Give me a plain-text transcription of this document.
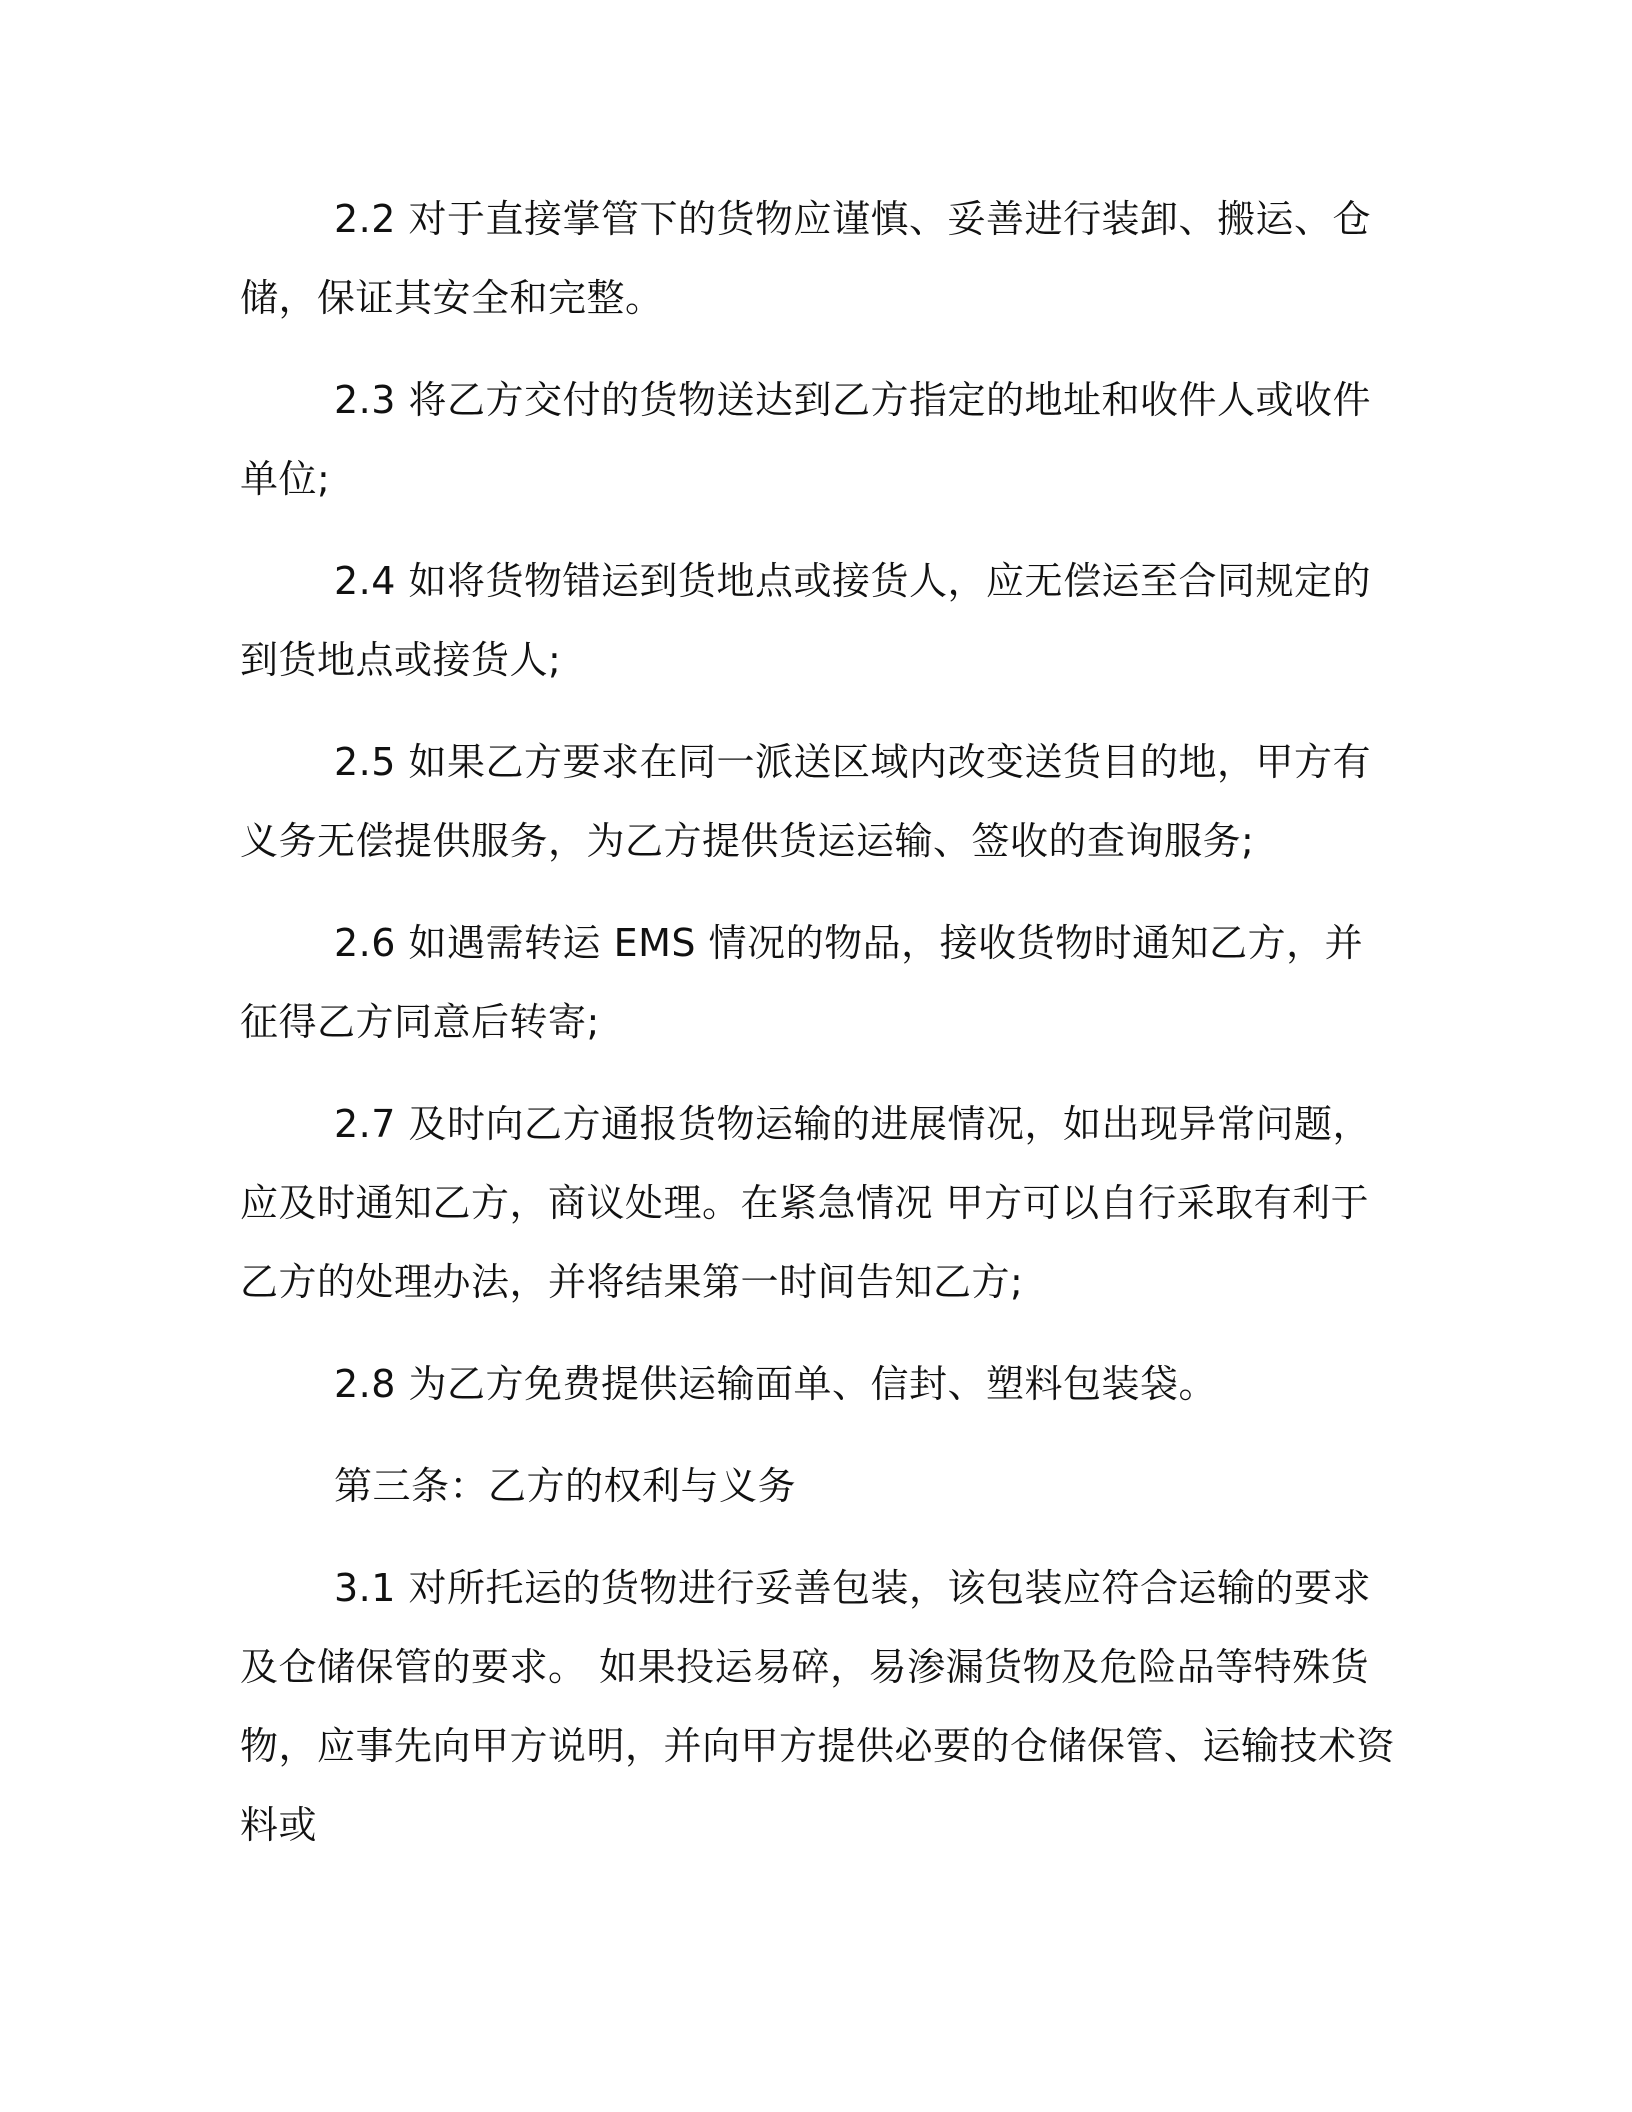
2.2 对于直接掌管下的货物应谨慎、妥善进行装卸、搬运、仓储，保证其安全和完整。

2.3 将乙方交付的货物送达到乙方指定的地址和收件人或收件单位;

2.4 如将货物错运到货地点或接货人，应无偿运至合同规定的到货地点或接货人;

2.5 如果乙方要求在同一派送区域内改变送货目的地，甲方有义务无偿提供服务，为乙方提供货运运输、签收的查询服务;

2.6 如遇需转运 EMS 情况的物品，接收货物时通知乙方，并征得乙方同意后转寄;

2.7 及时向乙方通报货物运输的进展情况，如出现异常问题，应及时通知乙方，商议处理。在紧急情况 甲方可以自行采取有利于乙方的处理办法，并将结果第一时间告知乙方;

2.8 为乙方免费提供运输面单、信封、塑料包装袋。

第三条：乙方的权利与义务

3.1 对所托运的货物进行妥善包装，该包装应符合运输的要求及仓储保管的要求。 如果投运易碎，易渗漏货物及危险品等特殊货物，应事先向甲方说明，并向甲方提供必要的仓储保管、运输技术资料或
